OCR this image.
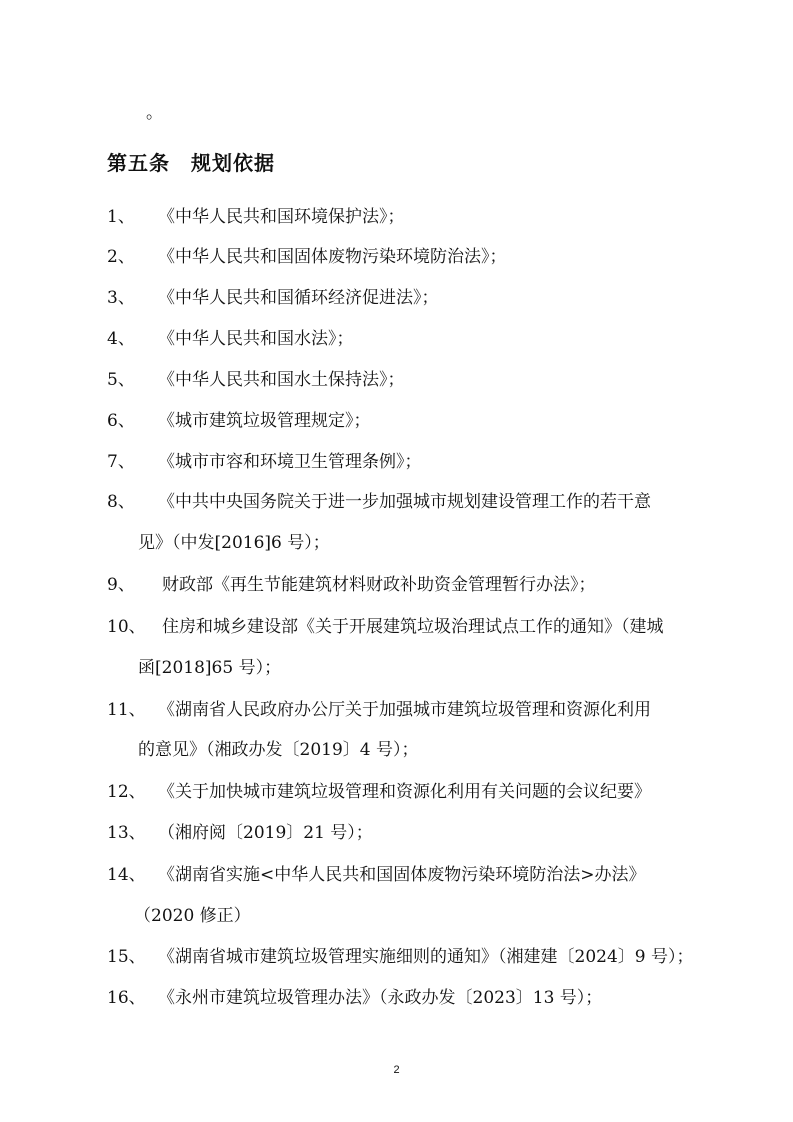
。
第五条　规划依据
1、 《中华人民共和国环境保护法》；
2、 《中华人民共和国固体废物污染环境防治法》；
3、 《中华人民共和国循环经济促进法》；
4、 《中华人民共和国水法》；
5、 《中华人民共和国水土保持法》；
6、 《城市建筑垃圾管理规定》；
7、 《城市市容和环境卫生管理条例》；
8、 《中共中央国务院关于进一步加强城市规划建设管理工作的若干意
见》（中发[2016]6 号）；
9、 财政部《再生节能建筑材料财政补助资金管理暂行办法》；
10、 住房和城乡建设部《关于开展建筑垃圾治理试点工作的通知》（建城
函[2018]65 号）；
11、 《湖南省人民政府办公厅关于加强城市建筑垃圾管理和资源化利用
的意见》（湘政办发〔2019〕4 号）；
12、 《关于加快城市建筑垃圾管理和资源化利用有关问题的会议纪要》
13、 （湘府阅〔2019〕21 号）；
14、 《湖南省实施<中华人民共和国固体废物污染环境防治法>办法》
（2020 修正）
15、 《湖南省城市建筑垃圾管理实施细则的通知》（湘建建〔2024〕9 号）；
16、 《永州市建筑垃圾管理办法》（永政办发〔2023〕13 号）；
2
